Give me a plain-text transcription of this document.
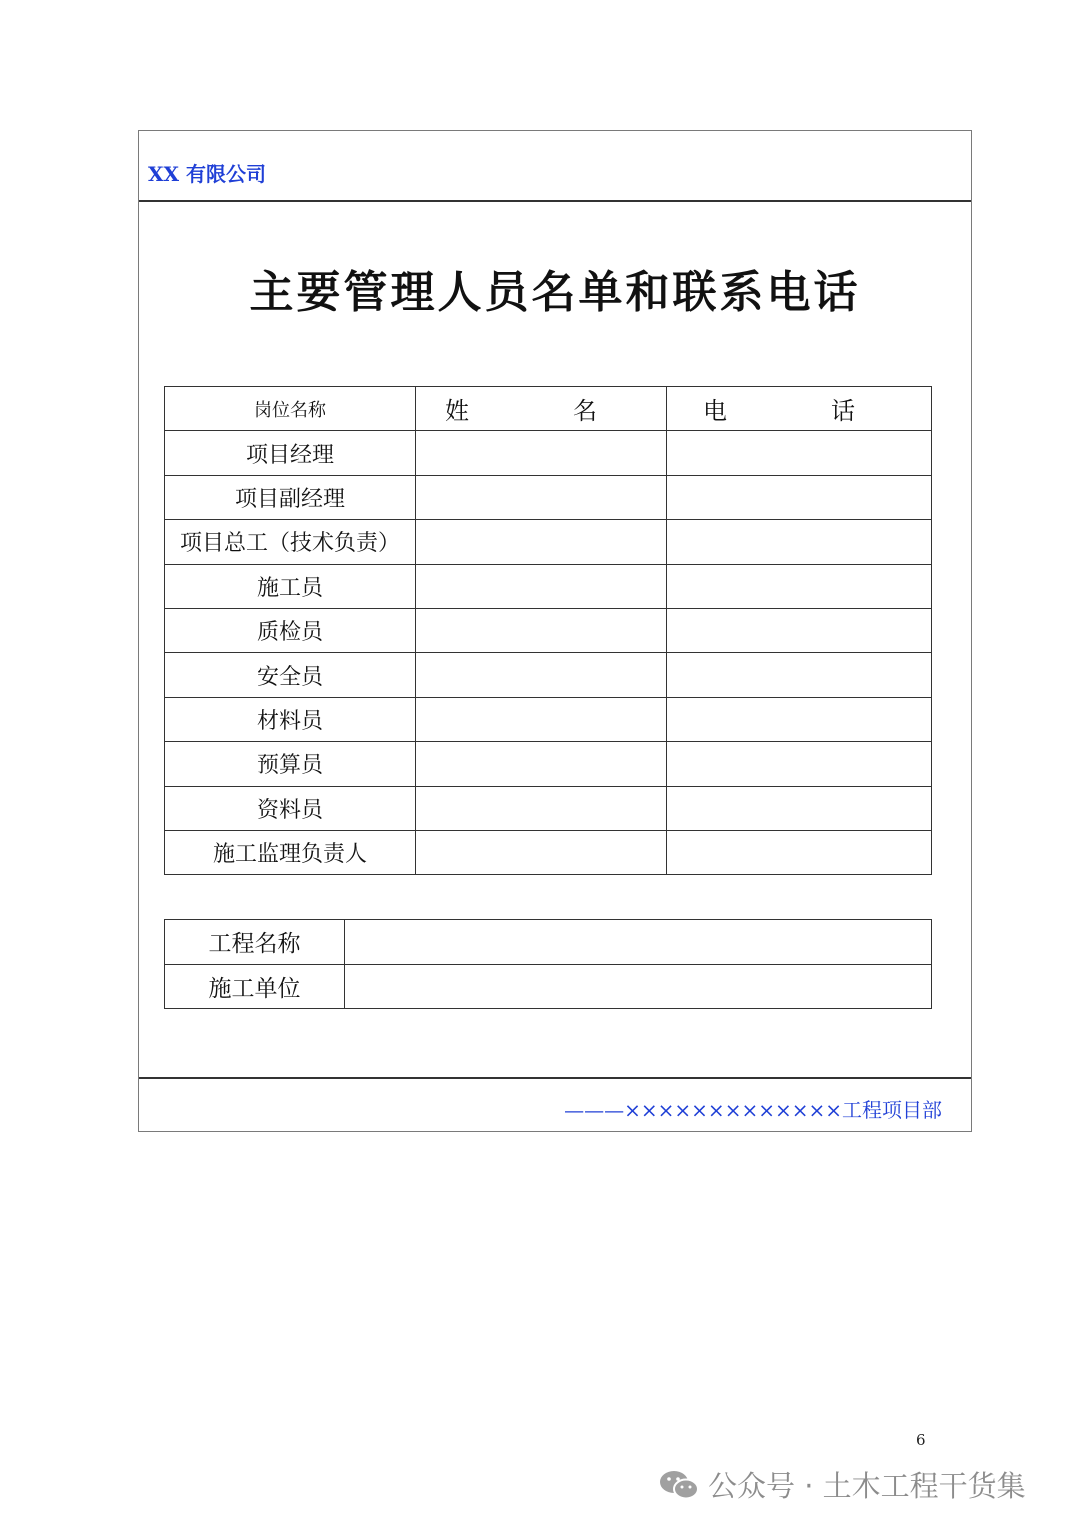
XX 有限公司
主要管理人员名单和联系电话
岗位名称	姓　名	电　话
项目经理		
项目副经理		
项目总工（技术负责）		
施工员		
质检员		
安全员		
材料员		
预算员		
资料员		
施工监理负责人		
工程名称	
施工单位	
———×××××××××××××工程项目部
6
公众号 · 土木工程干货集
